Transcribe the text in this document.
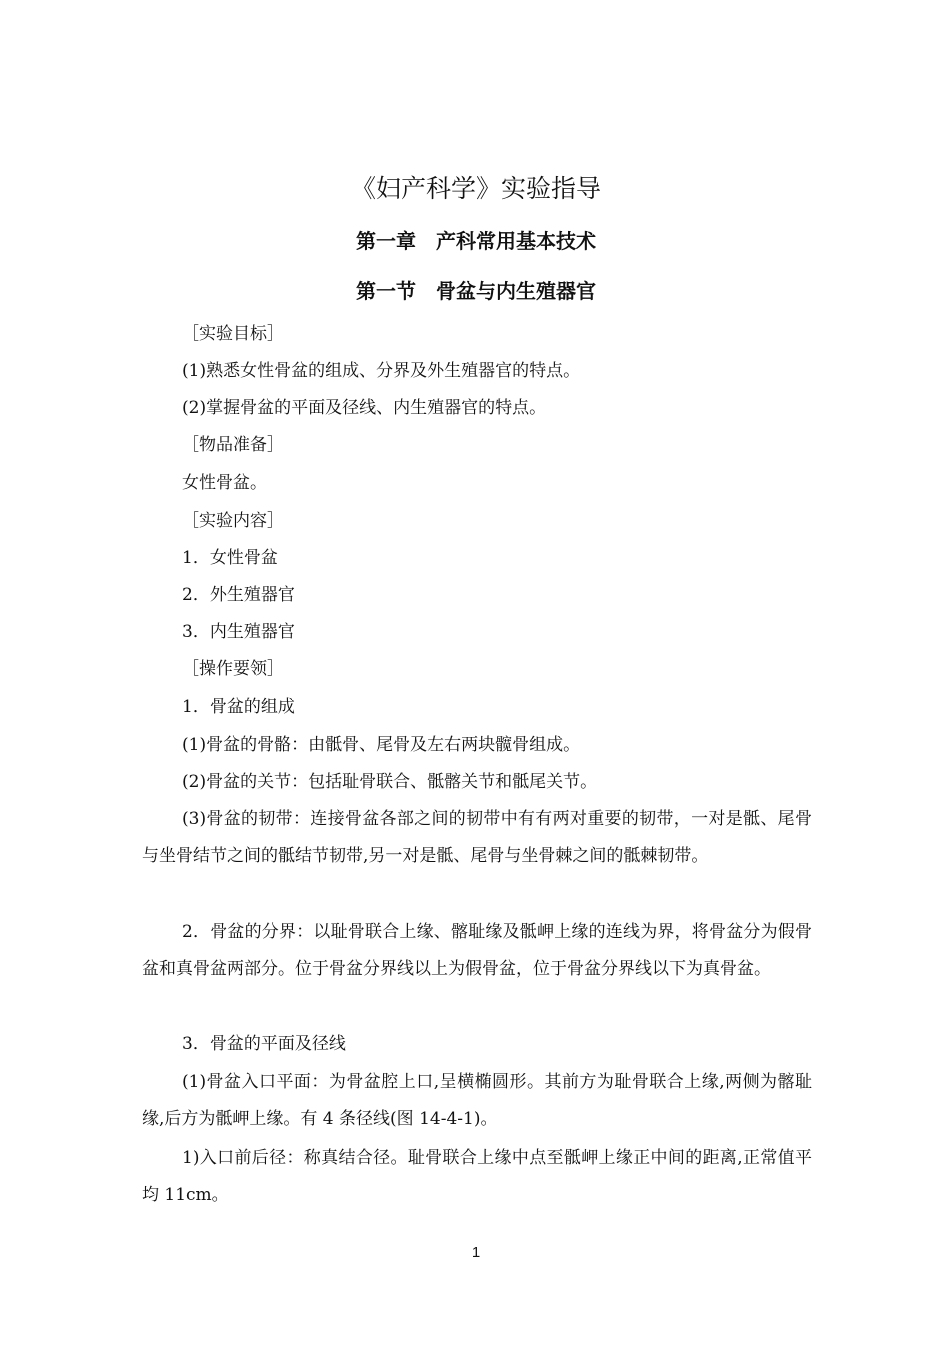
《妇产科学》实验指导
第一章　产科常用基本技术
第一节　骨盆与内生殖器官
［实验目标］
(1)熟悉女性骨盆的组成、分界及外生殖器官的特点。
(2)掌握骨盆的平面及径线、内生殖器官的特点。
［物品准备］
女性骨盆。
［实验内容］
1．女性骨盆
2．外生殖器官
3．内生殖器官
［操作要领］
1．骨盆的组成
(1)骨盆的骨骼：由骶骨、尾骨及左右两块髋骨组成。
(2)骨盆的关节：包括耻骨联合、骶髂关节和骶尾关节。

(3)骨盆的韧带：连接骨盆各部之间的韧带中有有两对重要的韧带，一对是骶、尾骨与坐骨结节之间的骶结节韧带,另一对是骶、尾骨与坐骨棘之间的骶棘韧带。

2．骨盆的分界：以耻骨联合上缘、髂耻缘及骶岬上缘的连线为界，将骨盆分为假骨盆和真骨盆两部分。位于骨盆分界线以上为假骨盆，位于骨盆分界线以下为真骨盆。

3．骨盆的平面及径线

(1)骨盆入口平面：为骨盆腔上口,呈横椭圆形。其前方为耻骨联合上缘,两侧为髂耻缘,后方为骶岬上缘。有 4 条径线(图 14-4-1)。

1)入口前后径：称真结合径。耻骨联合上缘中点至骶岬上缘正中间的距离,正常值平均 11cm。

1
